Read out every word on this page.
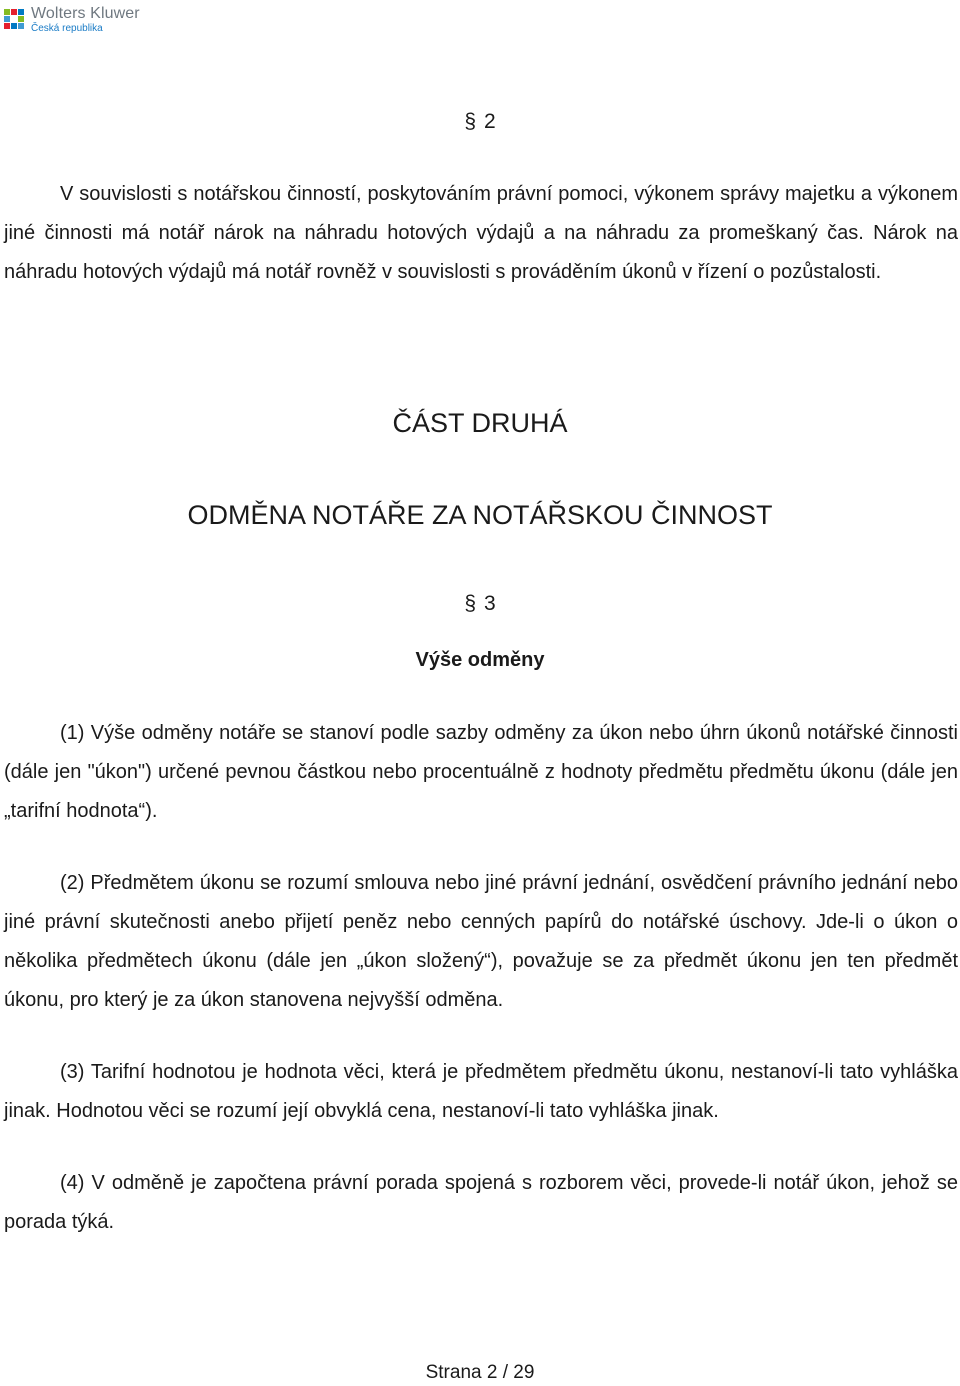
Wolters Kluwer
Česká republika
§ 2

V souvislosti s notářskou činností, poskytováním právní pomoci, výkonem správy majetku a výkonem jiné činnosti má notář nárok na náhradu hotových výdajů a na náhradu za promeškaný čas. Nárok na náhradu hotových výdajů má notář rovněž v souvislosti s prováděním úkonů v řízení o pozůstalosti.

ČÁST DRUHÁ
ODMĚNA NOTÁŘE ZA NOTÁŘSKOU ČINNOST
§ 3
Výše odměny

(1) Výše odměny notáře se stanoví podle sazby odměny za úkon nebo úhrn úkonů notářské činnosti (dále jen "úkon") určené pevnou částkou nebo procentuálně z hodnoty předmětu předmětu úkonu (dále jen „tarifní hodnota“).

(2) Předmětem úkonu se rozumí smlouva nebo jiné právní jednání, osvědčení právního jednání nebo jiné právní skutečnosti anebo přijetí peněz nebo cenných papírů do notářské úschovy. Jde-li o úkon o několika předmětech úkonu (dále jen „úkon složený“), považuje se za předmět úkonu jen ten předmět úkonu, pro který je za úkon stanovena nejvyšší odměna.

(3) Tarifní hodnotou je hodnota věci, která je předmětem předmětu úkonu, nestanoví-li tato vyhláška jinak. Hodnotou věci se rozumí její obvyklá cena, nestanoví-li tato vyhláška jinak.

(4) V odměně je započtena právní porada spojená s rozborem věci, provede-li notář úkon, jehož se porada týká.

Strana 2 / 29
